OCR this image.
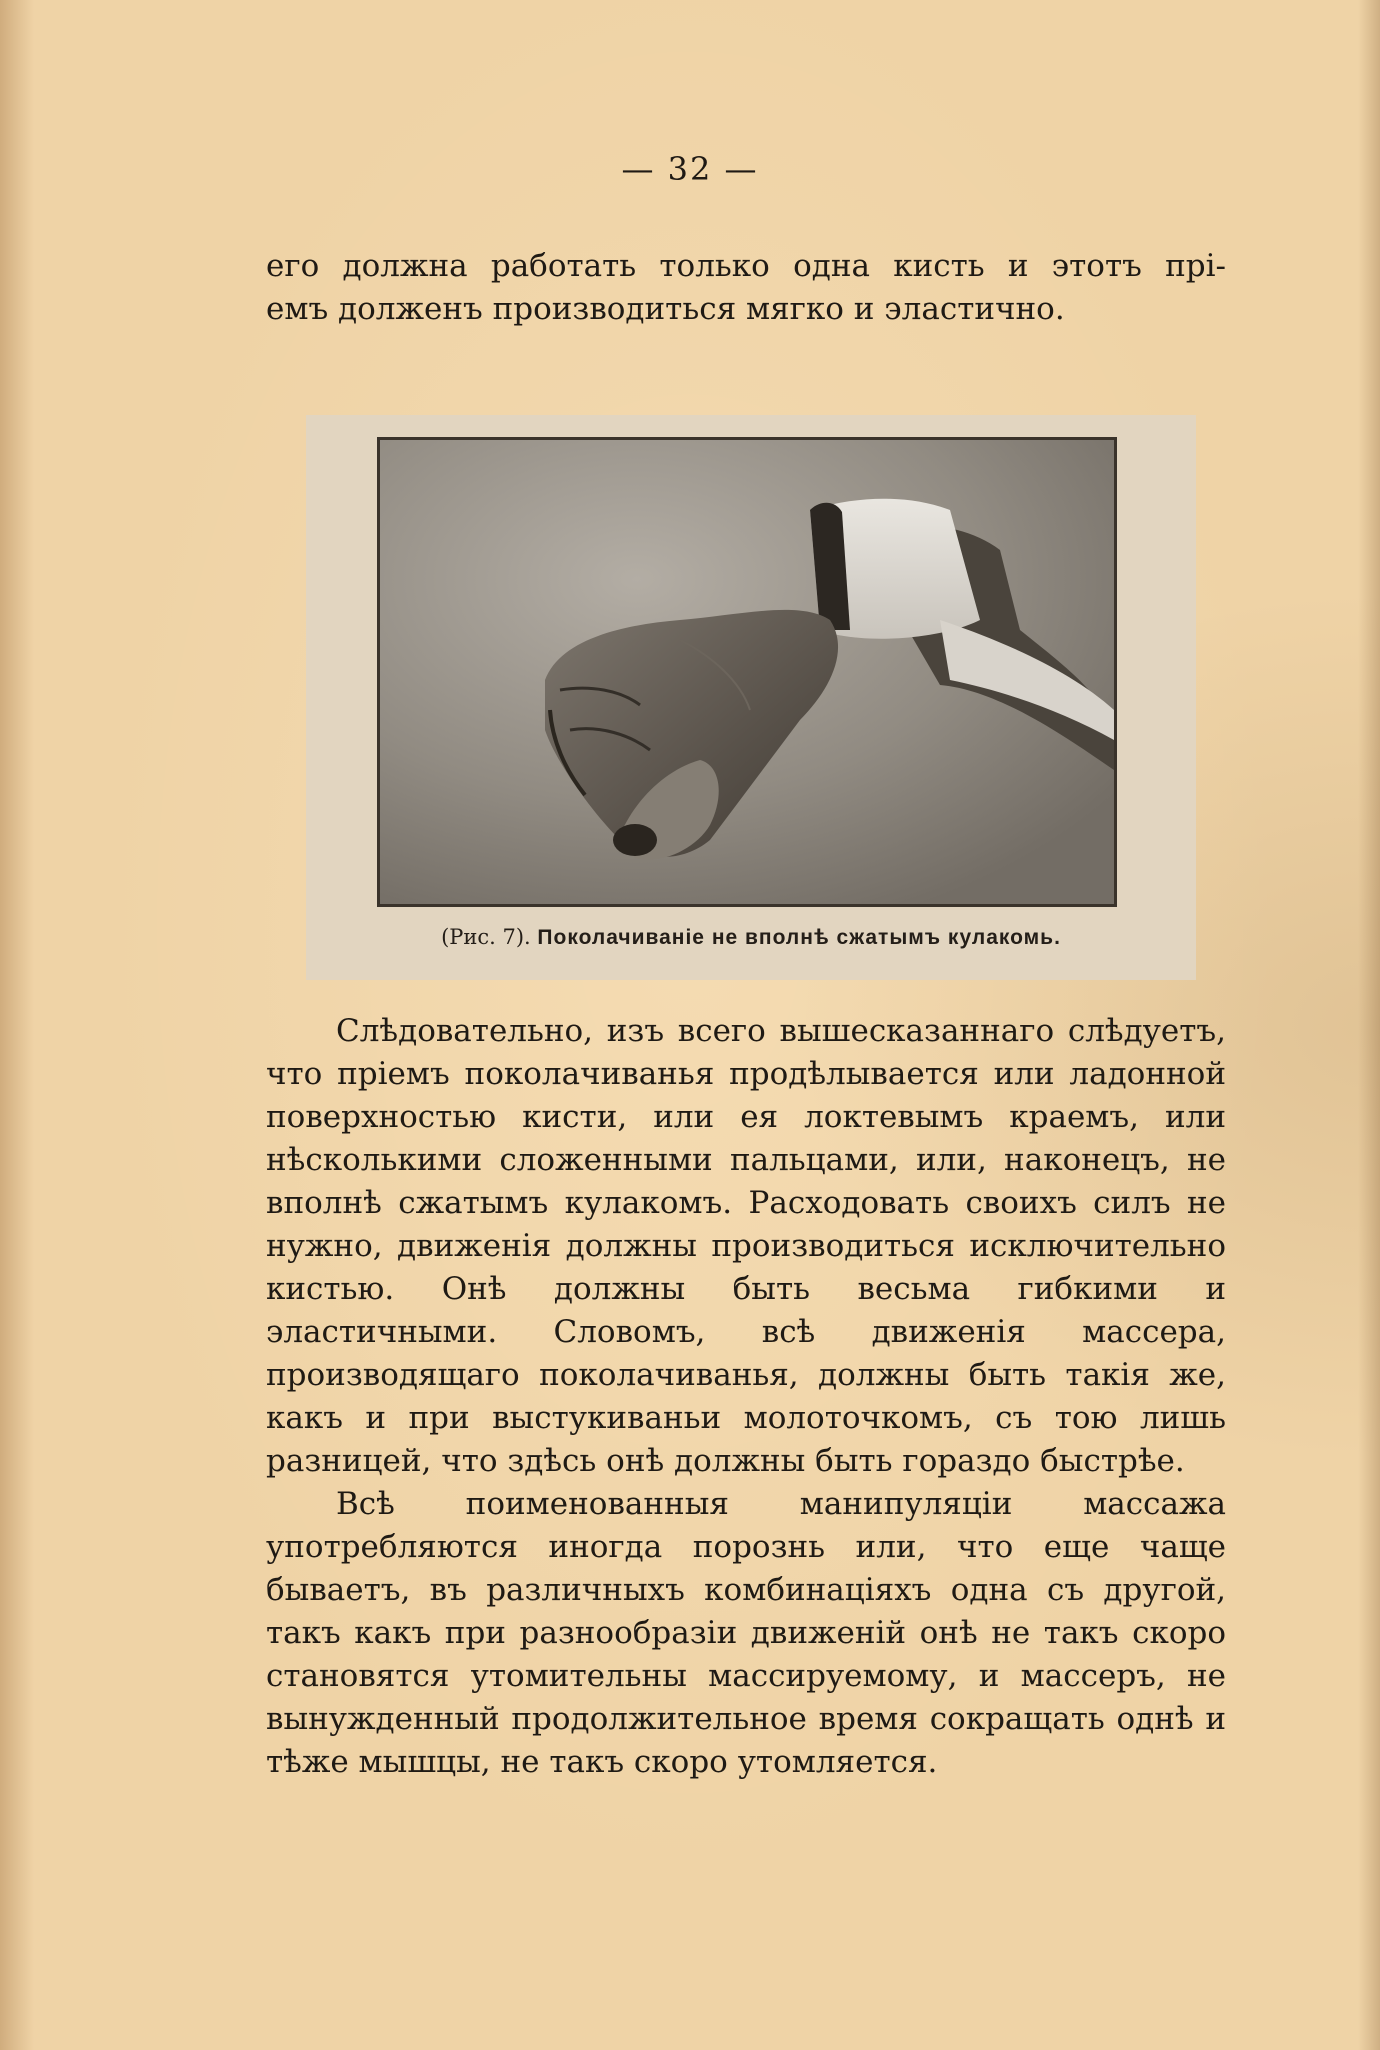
— 32 —

его должна работать только одна кисть и этотъ прі-

емъ долженъ производиться мягко и эластично.

(Рис. 7). Поколачиваніе не вполнѣ сжатымъ кулакомь.

Слѣдовательно, изъ всего вышесказаннаго слѣдуетъ, что пріемъ поколачиванья продѣлывается или ладонной поверхностью кисти, или ея локтевымъ краемъ, или нѣсколькими сложенными пальцами, или, наконецъ, не вполнѣ сжатымъ кулакомъ. Расходовать своихъ силъ не нужно, движенія должны производиться исключительно кистью. Онѣ должны быть весьма гибкими и эластичными. Словомъ, всѣ движенія массера, производящаго поколачиванья, должны быть такія же, какъ и при выстукиваньи молоточкомъ, съ тою лишь разницей, что здѣсь онѣ должны быть гораздо быстрѣе.

Всѣ поименованныя манипуляціи массажа употребляются иногда порознь или, что еще чаще бываетъ, въ различныхъ комбинаціяхъ одна съ другой, такъ какъ при разнообразіи движеній онѣ не такъ скоро становятся утомительны массируемому, и массеръ, не вынужденный продолжительное время сокращать однѣ и тѣже мышцы, не такъ скоро утомляется.
